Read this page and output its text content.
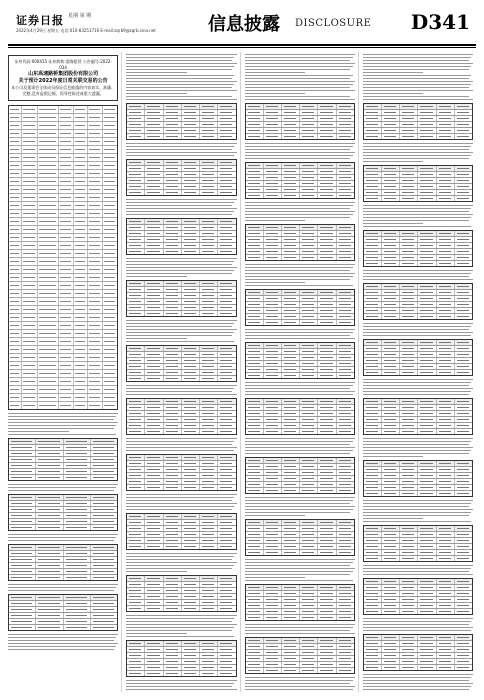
证券日报 星期 第 期
2022年4月29日 星期五 电话:010-83251716 E-mail:zqrb9@zqrb.sina.net	信息披露 DISCLOSURE D341
证券代码:000415 证券简称:渤海租赁 公告编号:2022-034
山东高速路桥集团股份有限公司
关于预计2022年度日常关联交易的公告
本公司及董事会全体成员保证信息披露的内容真实、准确、完整,没有虚假记载、误导性陈述或重大遗漏。
